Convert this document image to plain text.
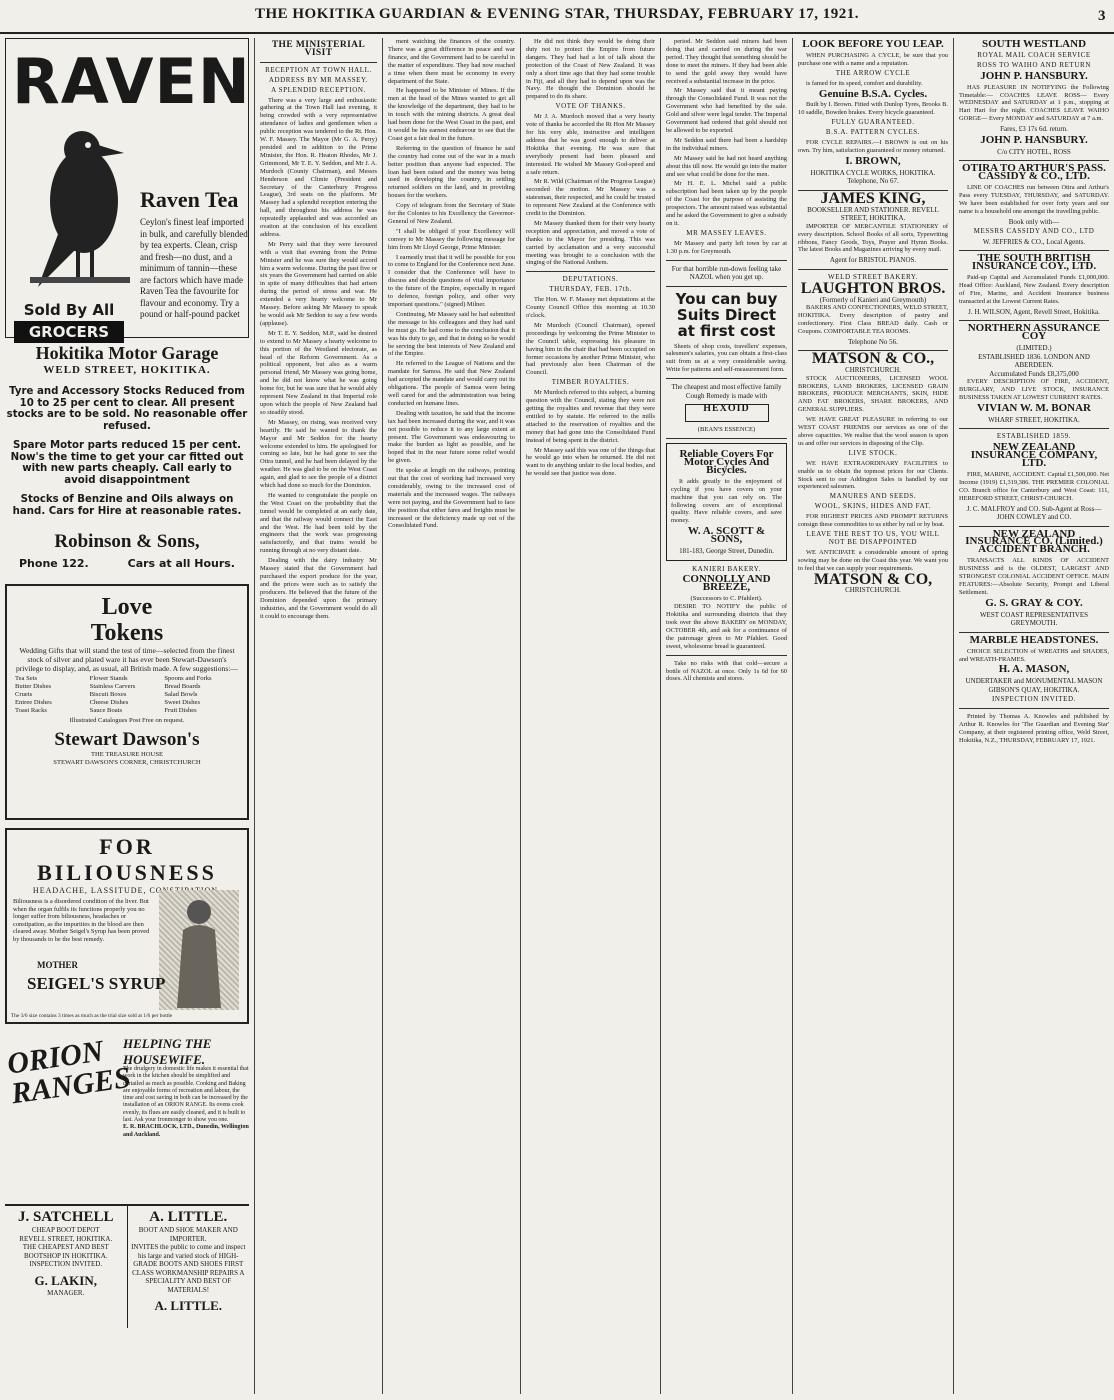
THE HOKITIKA GUARDIAN & EVENING STAR, THURSDAY, FEBRUARY 17, 1921.	3
RAVEN
Sold By All
GROCERS
Raven Tea
Ceylon's finest leaf imported in bulk, and carefully blended by tea experts. Clean, crisp and fresh—no dust, and a minimum of tannin—these are factors which have made Raven Tea the favourite for flavour and economy. Try a pound or half-pound packet
Hokitika Motor Garage
WELD STREET, HOKITIKA.
Tyre and Accessory Stocks Reduced from 10 to 25 per cent to clear. All present stocks are to be sold. No reasonable offer refused.
Spare Motor parts reduced 15 per cent. Now's the time to get your car fitted out with new parts cheaply. Call early to avoid disappointment
Stocks of Benzine and Oils always on hand. Cars for Hire at reasonable rates.
Robinson & Sons,
Phone 122.	Cars at all Hours.
Love
Tokens
Wedding Gifts that will stand the test of time—selected from the finest stock of silver and plated ware it has ever been Stewart-Dawson's privilege to display, and, as usual, all British made. A few suggestions:—
Tea Sets	Flower Stands	Spoons and Forks
Butter Dishes	Stainless Carvers	Bread Boards
Cruets	Biscuit Boxes	Salad Bowls
Entree Dishes	Cheese Dishes	Sweet Dishes
Toast Racks	Sauce Boats	Fruit Dishes
Illustrated Catalogues Post Free on request.
Stewart Dawson's
THE TREASURE HOUSE
STEWART DAWSON'S CORNER, CHRISTCHURCH
FOR BILIOUSNESS
HEADACHE, LASSITUDE, CONSTIPATION.
Biliousness is a disordered condition of the liver. But when the organ fulfils its functions properly you no longer suffer from biliousness, headaches or constipation, as the impurities in the blood are then cleared away. Mother Seigel's Syrup has been proved by thousands to be the best remedy.
MOTHER
SEIGEL'S SYRUP
The 3/6 size contains 3 times as much as the trial size sold at 1/6 per bottle
ORION RANGES
HELPING THE HOUSEWIFE.
The drudgery in domestic life makes it essential that work in the kitchen should be simplified and curtailed as much as possible. Cooking and Baking are enjoyable forms of recreation and labour, the time and cost saving in both can be increased by the installation of an ORION RANGE. Its ovens cook evenly, its flues are easily cleaned, and it is built to last. Ask your Ironmonger to show you one.
E. R. BRACHLOCK, LTD., Dunedin, Wellington and Auckland.
J. SATCHELL
CHEAP BOOT DEPOT
REVELL STREET, HOKITIKA.
THE CHEAPEST AND BEST BOOTSHOP IN HOKITIKA. INSPECTION INVITED.
G. LAKIN,
MANAGER.
A. LITTLE.
BOOT AND SHOE MAKER AND IMPORTER.
INVITES the public to come and inspect his large and varied stock of HIGH-GRADE BOOTS AND SHOES FIRST CLASS WORKMANSHIP REPAIRS A SPECIALITY AND BEST OF MATERIALS!
A. LITTLE.
THE MINISTERIAL VISIT
RECEPTION AT TOWN HALL.
ADDRESS BY MR MASSEY.
A SPLENDID RECEPTION.

There was a very large and enthusiastic gathering at the Town Hall last evening, it being crowded with a very representative attendance of ladies and gentlemen when a public reception was tendered to the Rt. Hon. W. F. Massey. The Mayor (Mr G. A. Perry) presided and in addition to the Prime Minister, the Hon. R. Heaton Rhodes, Mr J. Grimmond, Mr T. E. Y. Seddon, and Mr J. A. Murdoch (County Chairman), and Messrs Henderson and Climie (President and Secretary of the Canterbury Progress League), 3rd seats on the platform. Mr Massey had a splendid reception entering the hall, and throughout his address he was repeatedly applauded and was accorded an ovation at the conclusion of his excellent address.

Mr Perry said that they were favoured with a visit that evening from the Prime Minister and he was sure they would accord him a warm welcome. During the past five or six years the Government had carried on able in spite of many difficulties that had arisen during the period of stress and war. He extended a very hearty welcome to Mr Massey. Before asking Mr Massey to speak he would ask Mr Seddon to say a few words (applause).

Mr T. E. Y. Seddon, M.P., said he desired to extend to Mr Massey a hearty welcome to this portion of the Westland electorate, as head of the Reform Government. As a political opponent, but also as a warm personal friend, Mr Massey was going home, and he did not know what he was going home for, but he was sure that he would ably represent New Zealand in that Imperial role upon which the people of New Zealand had so steadily stood.

Mr Massey, on rising, was received very heartily. He said he wanted to thank the Mayor and Mr Seddon for the hearty welcome extended to him. He apologised for coming so late, but he had gone to see the Otira tunnel, and he had been delayed by the weather. He was glad to be on the West Coast again, and glad to see the people of a district which had done so much for the Dominion.

He wanted to congratulate the people on the West Coast on the probability that the tunnel would be completed at an early date, and that the railway would connect the East and the West. He had been told by the engineers that the work was progressing satisfactorily, and that trains would be running through at no very distant date.

Dealing with the dairy industry Mr Massey stated that the Government had purchased the export produce for the year, and the prices were such as to satisfy the producers. He believed that the future of the Dominion depended upon the primary industries, and the Government would do all it could to encourage them.

ment watching the finances of the country. There was a great difference in peace and war finance, and the Government had to be careful in the matter of expenditure. They had now reached a time when there must be economy in every department of the State.

He happened to be Minister of Mines. If the men at the head of the Mines wanted to get all the knowledge of the department, they had to be in touch with the mining districts. A great deal had been done for the West Coast in the past, and it would be his earnest endeavour to see that the Coast got a fair deal in the future.

Referring to the question of finance he said the country had come out of the war in a much better position than anyone had expected. The loan had been raised and the money was being used in developing the country, in settling returned soldiers on the land, and in providing houses for the workers.

Copy of telegram from the Secretary of State for the Colonies to his Excellency the Governor-General of New Zealand.

"I shall be obliged if your Excellency will convey to Mr Massey the following message for him from Mr Lloyd George, Prime Minister.

I earnestly trust that it will be possible for you to come to England for the Conference next June. I consider that the Conference will have to discuss and decide questions of vital importance to the future of the Empire, especially in regard to defence, foreign policy, and other very important questions." (signed) Milner.

Continuing, Mr Massey said he had submitted the message to his colleagues and they had said he must go. He had come to the conclusion that it was his duty to go, and that in doing so he would be serving the best interests of New Zealand and of the Empire.

He referred to the League of Nations and the mandate for Samoa. He said that New Zealand had accepted the mandate and would carry out its obligations. The people of Samoa were being well cared for and the administration was being conducted on humane lines.

Dealing with taxation, he said that the income tax had been increased during the war, and it was not possible to reduce it to any large extent at present. The Government was endeavouring to make the burden as light as possible, and he hoped that in the near future some relief would be given.

He spoke at length on the railways, pointing out that the cost of working had increased very considerably, owing to the increased cost of materials and the increased wages. The railways were not paying, and the Government had to face the position that either fares and freights must be increased or the deficiency made up out of the Consolidated Fund.

He did not think they would be doing their duty not to protect the Empire from future dangers. They had had a lot of talk about the protection of the Coast of New Zealand. It was only a short time ago that they had some trouble in Fiji, and all they had to depend upon was the Navy. He thought the Dominion should be prepared to do its share.

VOTE OF THANKS.

Mr J. A. Murdoch moved that a very hearty vote of thanks be accorded the Rt Hon Mr Massey for his very able, instructive and intelligent address that he was good enough to deliver at Hokitika that evening. He was sure that everybody present had been pleased and interested. He wished Mr Massey God-speed and a safe return.

Mr R. Wild (Chairman of the Progress League) seconded the motion. Mr Massey was a statesman, their respected, and he could be trusted to represent New Zealand at the Conference with credit to the Dominion.

Mr Massey thanked them for their very hearty reception and appreciation, and moved a vote of thanks to the Mayor for presiding. This was carried by acclamation and a very successful meeting was brought to a conclusion with the singing of the National Anthem.

DEPUTATIONS.
THURSDAY, FEB. 17th.

The Hon. W. F. Massey met deputations at the County Council Office this morning at 10.30 o'clock.

Mr Murdoch (Council Chairman), opened proceedings by welcoming the Prime Minister to the Council table, expressing his pleasure in having him in the chair that had been occupied on former occasions by another Prime Minister, who had previously also been Chairman of the Council.

TIMBER ROYALTIES.

Mr Murdoch referred to this subject, a burning question with the Council, stating they were not getting the royalties and revenue that they were entitled to by statute. He referred to the mills attached to the reservation of royalties and the money that had gone into the Consolidated Fund instead of being spent in the district.

Mr Massey said this was one of the things that he would go into when he returned. He did not want to do anything unfair to the local bodies, and he would see that justice was done.

period. Mr Seddon said miners had been doing that and carried on during the war period. They thought that something should be done to meet the miners. If they had been able to send the gold away they would have received a substantial increase in the price.

Mr Massey said that it meant paying through the Consolidated Fund. It was not the Government who had benefited by the sale. Gold and silver were legal tender. The Imperial Government had ordered that gold should not be allowed to be exported.

Mr Seddon said there had been a hardship in the individual miners.

Mr Massey said he had not heard anything about this till now. He would go into the matter and see what could be done for the men.

Mr H. E. L. Michel said a public subscription had been taken up by the people of the Coast for the purpose of assisting the prospectors. The amount raised was substantial and he asked the Government to give a subsidy on it.

MR MASSEY LEAVES.

Mr Massey and party left town by car at 1.30 p.m. for Greymouth.

For that horrible run-down feeling take NAZOL when you get up.
You can buy Suits Direct at first cost

Sheets of shop costs, travellers' expenses, salesmen's salaries, you can obtain a first-class suit from us at a very considerable saving. Write for patterns and self-measurement form.

The cheapest and most effective family Cough Remedy is made with
HEXOID
(BEAN'S ESSENCE)
Reliable Covers For Motor Cycles And Bicycles.

It adds greatly to the enjoyment of cycling if you have covers on your machine that you can rely on. The following covers are of exceptional quality. Have reliable covers, and save money.

W. A. SCOTT & SONS,
181-183, George Street, Dunedin.
KANIERI BAKERY.
CONNOLLY AND BREEZE,
(Successors to C. Pfahlert).

DESIRE TO NOTIFY the public of Hokitika and surrounding districts that they took over the above BAKERY on MONDAY, OCTOBER 4th, and ask for a continuance of the patronage given to Mr Pfahlert. Good sweet, wholesome bread is guaranteed.

Take no risks with that cold—secure a bottle of NAZOL at once. Only 1s 6d for 60 doses. All chemists and stores.

LOOK BEFORE YOU LEAP.

WHEN PURCHASING A CYCLE, be sure that you purchase one with a name and a reputation.

THE ARROW CYCLE

is famed for its speed, comfort and durability.

Genuine B.S.A. Cycles.

Built by I. Brown. Fitted with Dunlop Tyres, Brooks B. 10 saddle, Bowden brakes. Every bicycle guaranteed.

FULLY GUARANTEED.
B.S.A. PATTERN CYCLES.

FOR CYCLE REPAIRS.—I BROWN is out on his own. Try him, satisfaction guaranteed or money returned.

I. BROWN,
HOKITIKA CYCLE WORKS, HOKITIKA.
Telephone, No 67.
JAMES KING,
BOOKSELLER AND STATIONER. REVELL STREET, HOKITIKA.

IMPORTER OF MERCANTILE STATIONERY of every description. School Books of all sorts, Typewriting ribbons, Fancy Goods, Toys, Prayer and Hymn Books. The latest Books and Magazines arriving by every mail.

Agent for BRISTOL PIANOS.
WELD STREET BAKERY.
LAUGHTON BROS.
(Formerly of Kanieri and Greymouth)

BAKERS AND CONFECTIONERS, WELD STREET, HOKITIKA. Every description of pastry and confectionery. First Class BREAD daily. Cash or Coupons. COMFORTABLE TEA ROOMS.

Telephone No 56.
MATSON & CO.,
CHRISTCHURCH.

STOCK AUCTIONEERS, LICENSED WOOL BROKERS, LAND BROKERS, LICENSED GRAIN BROKERS, PRODUCE MERCHANTS, SKIN, HIDE AND FAT BROKERS, SHARE BROKERS, AND GENERAL SUPPLIERS.

WE HAVE GREAT PLEASURE in referring to our WEST COAST FRIENDS our services as one of the above capacities. We realise that the wool season is upon us and offer our services in disposing of the Clip.

LIVE STOCK.

WE HAVE EXTRAORDINARY FACILITIES to enable us to obtain the topmost prices for our Clients. Stock sent to our Addington Sales is handled by our experienced salesmen.

MANURES AND SEEDS.
WOOL, SKINS, HIDES AND FAT.

FOR HIGHEST PRICES AND PROMPT RETURNS consign these commodities to us either by rail or by boat.

LEAVE THE REST TO US, YOU WILL NOT BE DISAPPOINTED

WE ANTICIPATE a considerable amount of spring sowing may be done on the Coast this year. We want you to feel that we can supply your requirements.

MATSON & CO,
CHRISTCHURCH.
SOUTH WESTLAND
ROYAL MAIL COACH SERVICE
ROSS TO WAIHO AND RETURN
JOHN P. HANSBURY.

HAS PLEASURE IN NOTIFYING the Following Timetable:— COACHES LEAVE ROSS— Every WEDNESDAY and SATURDAY at 1 p.m., stopping at Hari Hari for the night. COACHES LEAVE WAIHO GORGE— Every MONDAY and SATURDAY at 7 a.m.

Fares, £3 17s 6d. return.
JOHN P. HANSBURY.
C/o CITY HOTEL, ROSS
OTIRA TO ARTHUR'S PASS. CASSIDY & CO., LTD.

LINE OF COACHES run between Otira and Arthur's Pass every TUESDAY, THURSDAY, and SATURDAY. We have been established for over forty years and our name is a household one amongst the travelling public.

Book only with—
MESSRS CASSIDY AND CO., LTD
W. JEFFRIES & CO., Local Agents.
THE SOUTH BRITISH INSURANCE COY., LTD.

Paid-up Capital and Accumulated Funds £1,000,000. Head Office: Auckland, New Zealand. Every description of Fire, Marine, and Accident Insurance business transacted at the Lowest Current Rates.

J. H. WILSON, Agent, Revell Street, Hokitika.
NORTHERN ASSURANCE COY
(LIMITED.)
ESTABLISHED 1836. LONDON AND ABERDEEN.
Accumulated Funds £8,375,000

EVERY DESCRIPTION OF FIRE, ACCIDENT, BURGLARY, AND LIVE STOCK, INSURANCE BUSINESS TAKEN AT LOWEST CURRENT RATES.

VIVIAN W. M. BONAR
WHARF STREET, HOKITIKA.
ESTABLISHED 1859.
NEW ZEALAND INSURANCE COMPANY, LTD.

FIRE, MARINE, ACCIDENT. Capital £1,500,000. Net Income (1919) £1,319,386. THE PREMIER COLONIAL CO. Branch office for Canterbury and West Coast: 111, HEREFORD STREET, CHRIST-CHURCH.

J. C. MALFROY and CO. Sub-Agent at Ross—
JOHN COWLEY and CO.
NEW ZEALAND INSURANCE CO. (Limited.) ACCIDENT BRANCH.

TRANSACTS ALL KINDS OF ACCIDENT BUSINESS and is the OLDEST, LARGEST AND STRONGEST COLONIAL ACCIDENT OFFICE. MAIN FEATURES:—Absolute Security, Prompt and Liberal Settlement.

G. S. GRAY & COY.
WEST COAST REPRESENTATIVES GREYMOUTH.
MARBLE HEADSTONES.

CHOICE SELECTION of WREATHS and SHADES, and WREATH-FRAMES.

H. A. MASON,
UNDERTAKER and MONUMENTAL MASON
GIBSON'S QUAY, HOKITIKA.
INSPECTION INVITED.

Printed by Thomas A. Knowles and published by Arthur R. Knowles for 'The Guardian and Evening Star' Company, at their registered printing office, Weld Street, Hokitika, N.Z., THURSDAY, FEBRUARY 17, 1921.
